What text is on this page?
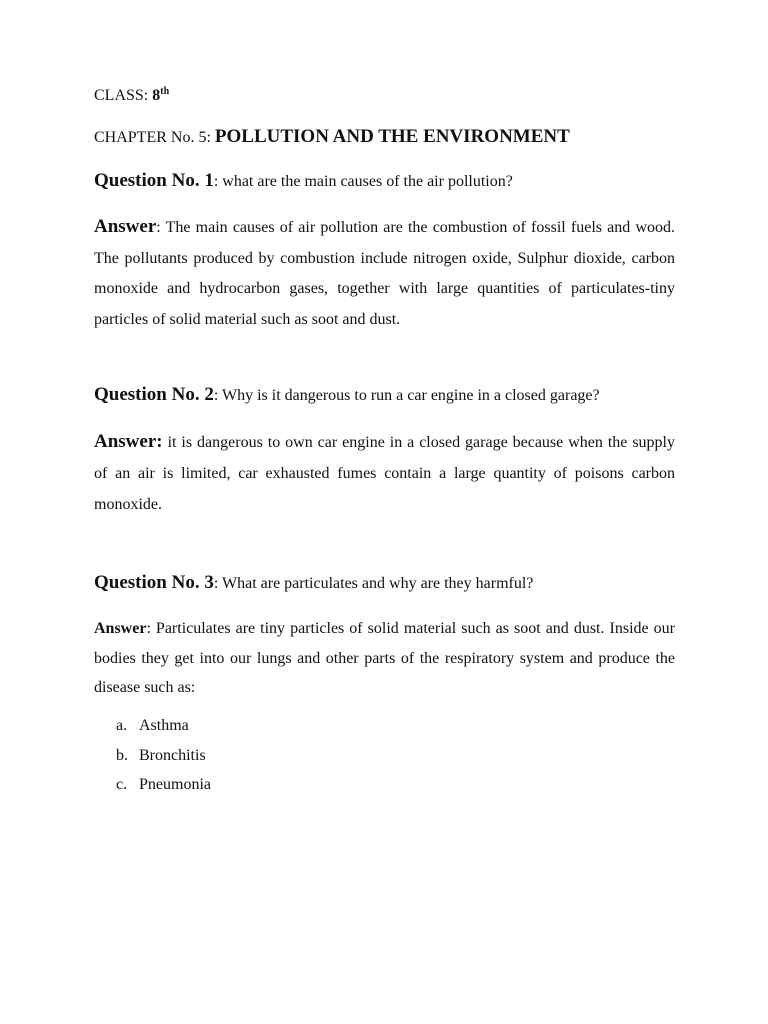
CLASS: 8th

CHAPTER No. 5: POLLUTION AND THE ENVIRONMENT

Question No. 1: what are the main causes of the air pollution?

Answer: The main causes of air pollution are the combustion of fossil fuels and wood. The pollutants produced by combustion include nitrogen oxide, Sulphur dioxide, carbon monoxide and hydrocarbon gases, together with large quantities of particulates-tiny particles of solid material such as soot and dust.

Question No. 2: Why is it dangerous to run a car engine in a closed garage?

Answer: it is dangerous to own car engine in a closed garage because when the supply of an air is limited, car exhausted fumes contain a large quantity of poisons carbon monoxide.

Question No. 3: What are particulates and why are they harmful?

Answer: Particulates are tiny particles of solid material such as soot and dust. Inside our bodies they get into our lungs and other parts of the respiratory system and produce the disease such as:

a. Asthma
b. Bronchitis
c. Pneumonia
